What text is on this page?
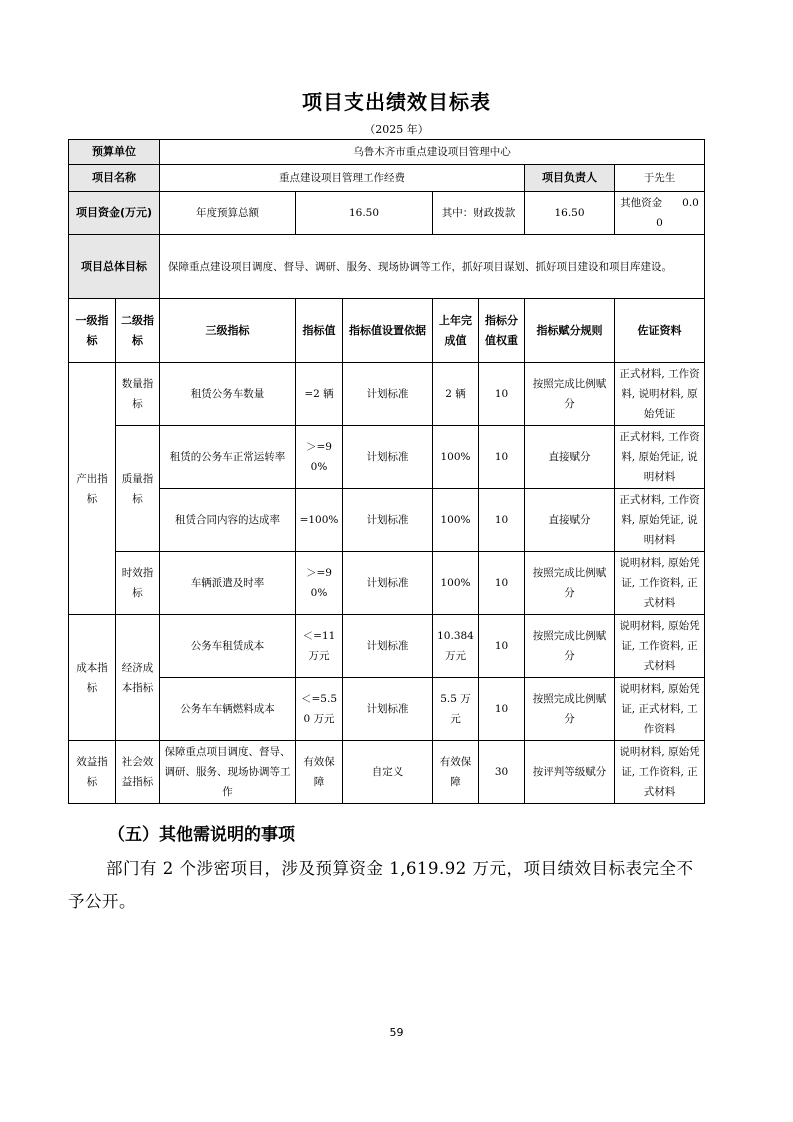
项目支出绩效目标表
（2025 年）
预算单位		乌鲁木齐市重点建设项目管理中心						
项目名称		重点建设项目管理工作经费					项目负责人	于先生
项目资金(万元)		年度预算总额	16.50		其中：财政拨款		16.50	其他资金 0.00
项目总体目标		保障重点建设项目调度、督导、调研、服务、现场协调等工作，抓好项目谋划、抓好项目建设和项目库建设。						
一级指标	二级指标	三级指标	指标值	指标值设置依据	上年完成值	指标分值权重	指标赋分规则	佐证资料
产出指标	数量指标	租赁公务车数量	=2 辆	计划标准	2 辆	10	按照完成比例赋分	正式材料, 工作资料, 说明材料, 原始凭证
	质量指标	租赁的公务车正常运转率	＞=90%	计划标准	100%	10	直接赋分	正式材料, 工作资料, 原始凭证, 说明材料
		租赁合同内容的达成率	=100%	计划标准	100%	10	直接赋分	正式材料, 工作资料, 原始凭证, 说明材料
	时效指标	车辆派遣及时率	＞=90%	计划标准	100%	10	按照完成比例赋分	说明材料, 原始凭证, 工作资料, 正式材料
成本指标	经济成本指标	公务车租赁成本	＜=11 万元	计划标准	10.384 万元	10	按照完成比例赋分	说明材料, 原始凭证, 工作资料, 正式材料
		公务车车辆燃料成本	＜=5.50 万元	计划标准	5.5 万元	10	按照完成比例赋分	说明材料, 原始凭证, 正式材料, 工作资料
效益指标	社会效益指标	保障重点项目调度、督导、调研、服务、现场协调等工作	有效保障	自定义	有效保障	30	按评判等级赋分	说明材料, 原始凭证, 工作资料, 正式材料
（五）其他需说明的事项
部门有 2 个涉密项目，涉及预算资金 1,619.92 万元，项目绩效目标表完全不予公开。
59
